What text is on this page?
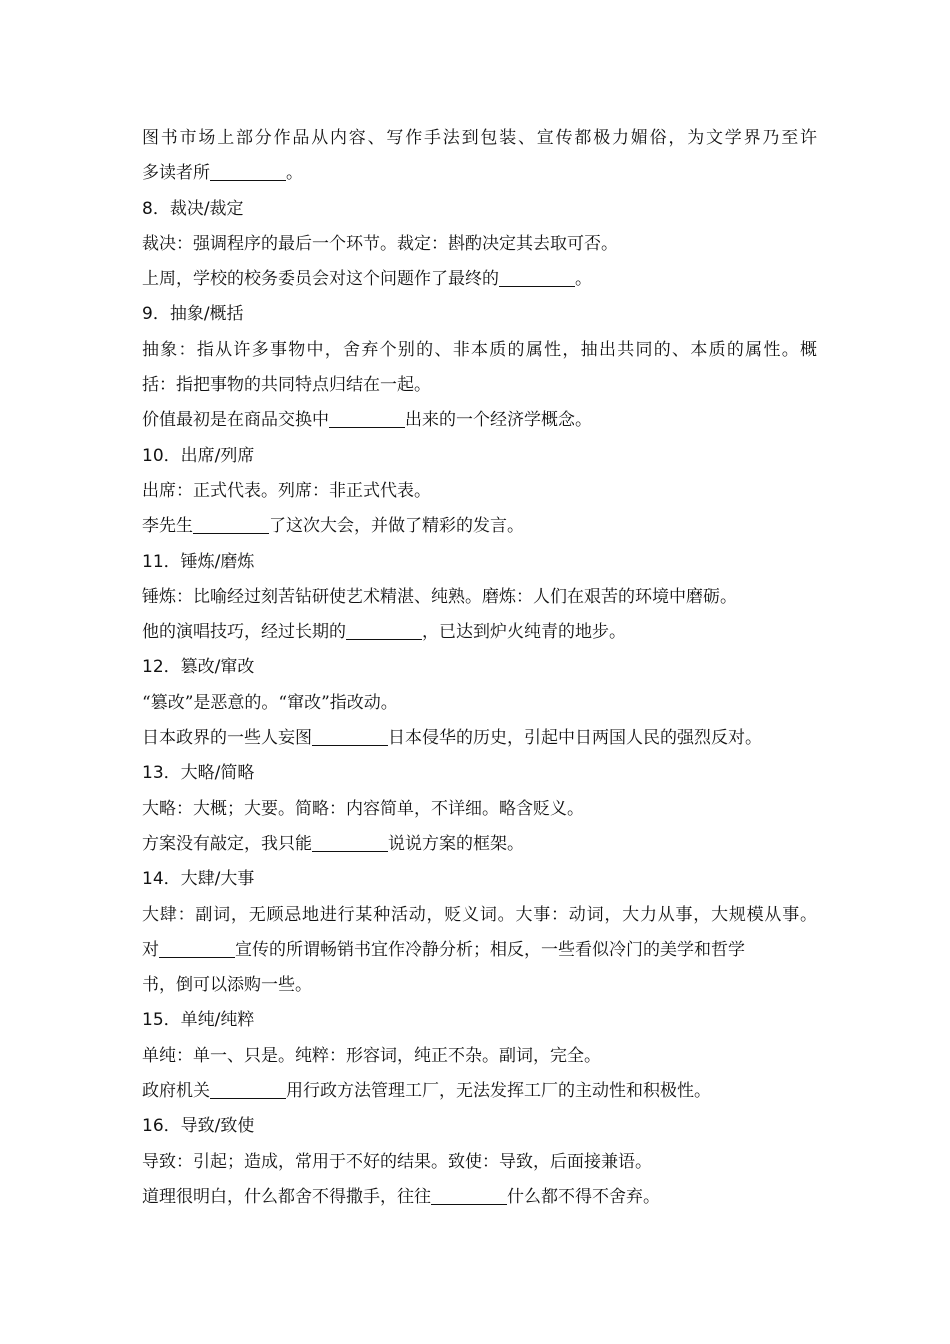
图书市场上部分作品从内容、写作手法到包装、宣传都极力媚俗，为文学界乃至许
多读者所	。
8．裁决/裁定
裁决：强调程序的最后一个环节。裁定：斟酌决定其去取可否。
上周，学校的校务委员会对这个问题作了最终的	。
9．抽象/概括
抽象：指从许多事物中，舍弃个别的、非本质的属性，抽出共同的、本质的属性。概
括：指把事物的共同特点归结在一起。
价值最初是在商品交换中	出来的一个经济学概念。
10．出席/列席
出席：正式代表。列席：非正式代表。
李先生	了这次大会，并做了精彩的发言。
11．锤炼/磨炼
锤炼：比喻经过刻苦钻研使艺术精湛、纯熟。磨炼：人们在艰苦的环境中磨砺。
他的演唱技巧，经过长期的	，已达到炉火纯青的地步。
12．篡改/窜改
“篡改”是恶意的。“窜改”指改动。
日本政界的一些人妄图	日本侵华的历史，引起中日两国人民的强烈反对。
13．大略/简略
大略：大概；大要。简略：内容简单，不详细。略含贬义。
方案没有敲定，我只能	说说方案的框架。
14．大肆/大事
大肆：副词，无顾忌地进行某种活动，贬义词。大事：动词，大力从事，大规模从事。
对	宣传的所谓畅销书宜作冷静分析；相反，一些看似冷门的美学和哲学
书，倒可以添购一些。
15．单纯/纯粹
单纯：单一、只是。纯粹：形容词，纯正不杂。副词，完全。
政府机关	用行政方法管理工厂，无法发挥工厂的主动性和积极性。
16．导致/致使
导致：引起；造成，常用于不好的结果。致使：导致，后面接兼语。
道理很明白，什么都舍不得撒手，往往	什么都不得不舍弃。
